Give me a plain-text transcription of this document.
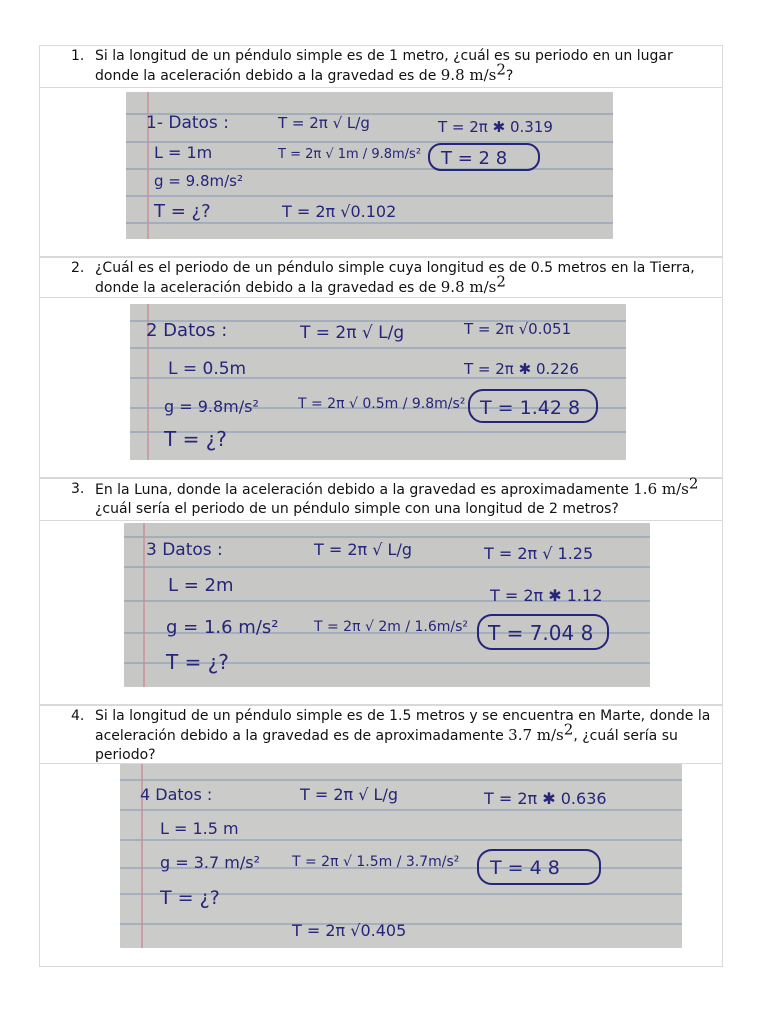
1. Si la longitud de un péndulo simple es de 1 metro, ¿cuál es su periodo en un lugar donde la aceleración debido a la gravedad es de 9.8 $m/s^2$?
1- Datos :	T = 2π √ L/g	T = 2π ✱ 0.319
L = 1m	T = 2π √ 1m / 9.8m/s² T = 2 8
g = 9.8m/s²
T = ¿?	T = 2π √0.102
2. ¿Cuál es el periodo de un péndulo simple cuya longitud es de 0.5 metros en la Tierra, donde la aceleración debido a la gravedad es de 9.8 $m/s^2$
2 Datos :	T = 2π √ L/g	T = 2π √0.051
L = 0.5m	T = 2π ✱ 0.226
g = 9.8m/s²	T = 2π √ 0.5m / 9.8m/s² T = 1.42 8
T = ¿?
3. En la Luna, donde la aceleración debido a la gravedad es aproximadamente 1.6 $m/s^2$ ¿cuál sería el periodo de un péndulo simple con una longitud de 2 metros?
3 Datos :	T = 2π √ L/g	T = 2π √ 1.25
L = 2m	T = 2π ✱ 1.12
g = 1.6 m/s²	T = 2π √ 2m / 1.6m/s² T = 7.04 8
T = ¿?
4. Si la longitud de un péndulo simple es de 1.5 metros y se encuentra en Marte, donde la aceleración debido a la gravedad es de aproximadamente 3.7 $m/s^2$, ¿cuál sería su periodo?
4 Datos :	T = 2π √ L/g	T = 2π ✱ 0.636
L = 1.5 m
g = 3.7 m/s² T = 2π √ 1.5m / 3.7m/s² T = 4 8
T = ¿?
T = 2π √0.405
